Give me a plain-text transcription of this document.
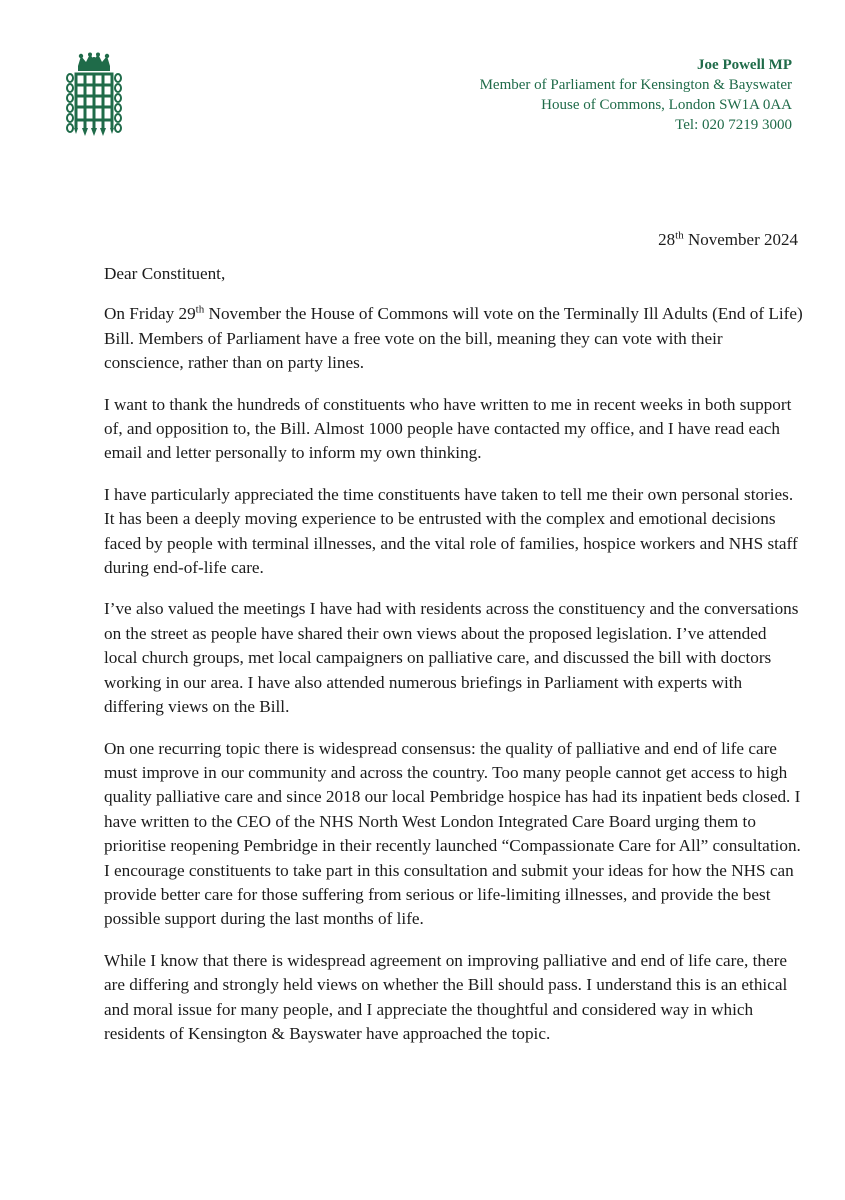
Joe Powell MP
Member of Parliament for Kensington & Bayswater
House of Commons, London SW1A 0AA
Tel: 020 7219 3000
28th November 2024

Dear Constituent,

On Friday 29th November the House of Commons will vote on the Terminally Ill Adults (End of Life) Bill. Members of Parliament have a free vote on the bill, meaning they can vote with their conscience, rather than on party lines.

I want to thank the hundreds of constituents who have written to me in recent weeks in both support of, and opposition to, the Bill. Almost 1000 people have contacted my office, and I have read each email and letter personally to inform my own thinking.

I have particularly appreciated the time constituents have taken to tell me their own personal stories. It has been a deeply moving experience to be entrusted with the complex and emotional decisions faced by people with terminal illnesses, and the vital role of families, hospice workers and NHS staff during end-of-life care.

I’ve also valued the meetings I have had with residents across the constituency and the conversations on the street as people have shared their own views about the proposed legislation. I’ve attended local church groups, met local campaigners on palliative care, and discussed the bill with doctors working in our area. I have also attended numerous briefings in Parliament with experts with differing views on the Bill.

On one recurring topic there is widespread consensus: the quality of palliative and end of life care must improve in our community and across the country. Too many people cannot get access to high quality palliative care and since 2018 our local Pembridge hospice has had its inpatient beds closed. I have written to the CEO of the NHS North West London Integrated Care Board urging them to prioritise reopening Pembridge in their recently launched “Compassionate Care for All” consultation. I encourage constituents to take part in this consultation and submit your ideas for how the NHS can provide better care for those suffering from serious or life-limiting illnesses, and provide the best possible support during the last months of life.

While I know that there is widespread agreement on improving palliative and end of life care, there are differing and strongly held views on whether the Bill should pass. I understand this is an ethical and moral issue for many people, and I appreciate the thoughtful and considered way in which residents of Kensington & Bayswater have approached the topic.
